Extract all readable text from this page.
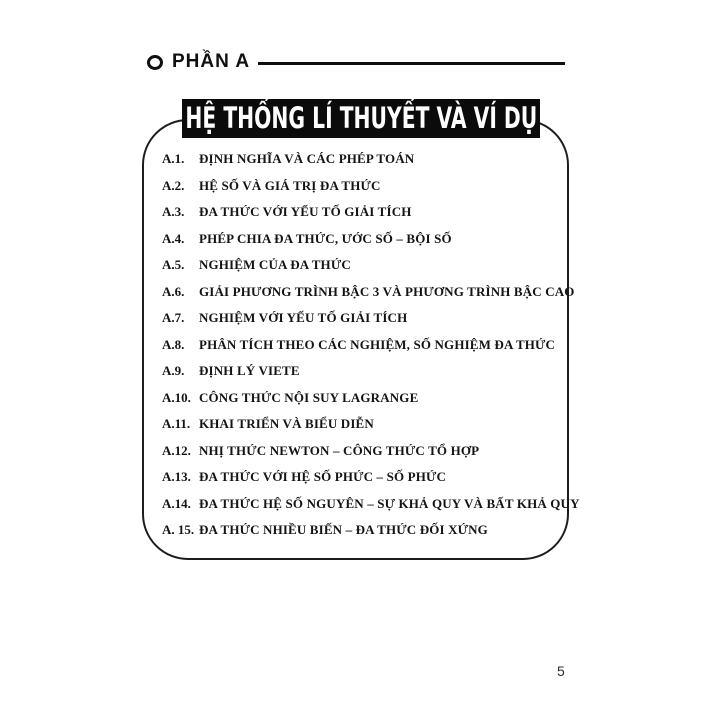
PHẦN A
HỆ THỐNG LÍ THUYẾT VÀ VÍ DỤ
A.1.	ĐỊNH NGHĨA VÀ CÁC PHÉP TOÁN
A.2.	HỆ SỐ VÀ GIÁ TRỊ ĐA THỨC
A.3.	ĐA THỨC VỚI YẾU TỐ GIẢI TÍCH
A.4.	PHÉP CHIA ĐA THỨC, ƯỚC SỐ – BỘI SỐ
A.5.	NGHIỆM CỦA ĐA THỨC
A.6.	GIẢI PHƯƠNG TRÌNH BẬC 3 VÀ PHƯƠNG TRÌNH BẬC CAO
A.7.	NGHIỆM VỚI YẾU TỐ GIẢI TÍCH
A.8.	PHÂN TÍCH THEO CÁC NGHIỆM, SỐ NGHIỆM ĐA THỨC
A.9.	ĐỊNH LÝ VIETE
A.10. CÔNG THỨC NỘI SUY LAGRANGE
A.11. KHAI TRIỂN VÀ BIỂU DIỄN
A.12. NHỊ THỨC NEWTON – CÔNG THỨC TỔ HỢP
A.13. ĐA THỨC VỚI HỆ SỐ PHỨC – SỐ PHỨC
A.14. ĐA THỨC HỆ SỐ NGUYÊN – SỰ KHẢ QUY VÀ BẤT KHẢ QUY
A. 15. ĐA THỨC NHIỀU BIẾN – ĐA THỨC ĐỐI XỨNG
5
